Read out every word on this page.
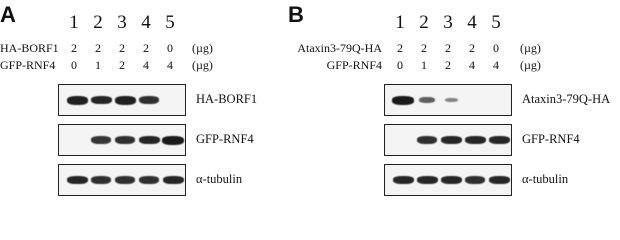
A	1 2 3 4 5
HA-BORF1	2	2	2	2	0	(µg)
GFP-RNF4	0	1	2	4	4	(µg)
HA-BORF1
GFP-RNF4
α-tubulin
B	1 2 3 4 5
Ataxin3-79Q-HA	2	2	2	2	0	(µg)
GFP-RNF4	0	1	2	4	4	(µg)
Ataxin3-79Q-HA
GFP-RNF4
α-tubulin
